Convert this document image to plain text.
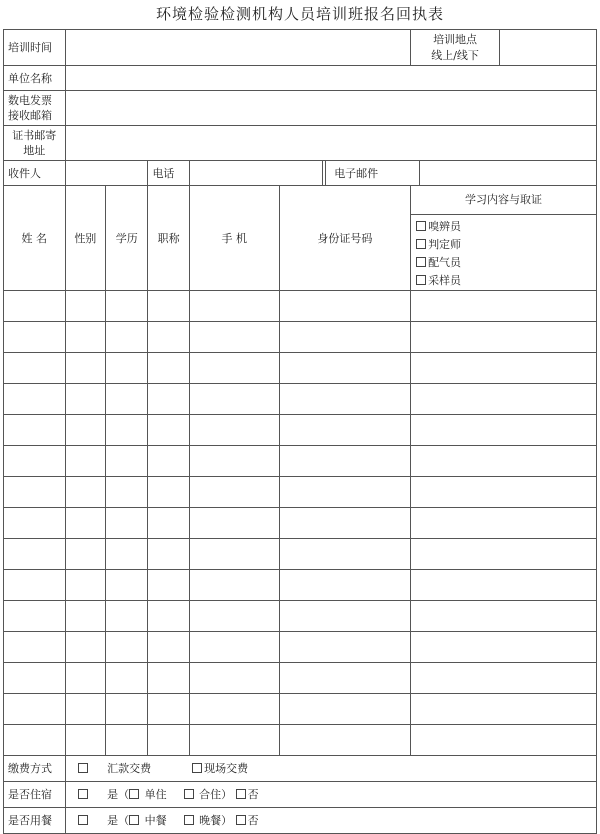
环境检验检测机构人员培训班报名回执表
培训时间							培训地点
线上/线下

单位名称							

数电发票
接收邮箱							

证书邮寄
地址							

收件人			电话			电子邮件	

姓 名	性别	学历	职称	手 机	身份证号码		学习内容与取证
嗅辨员
判定师
配气员
采样员

缴费方式	汇款交费 现场交费						
是否住宿	是（ 单住 合住） 否						
是否用餐	是（ 中餐 晚餐） 否						
